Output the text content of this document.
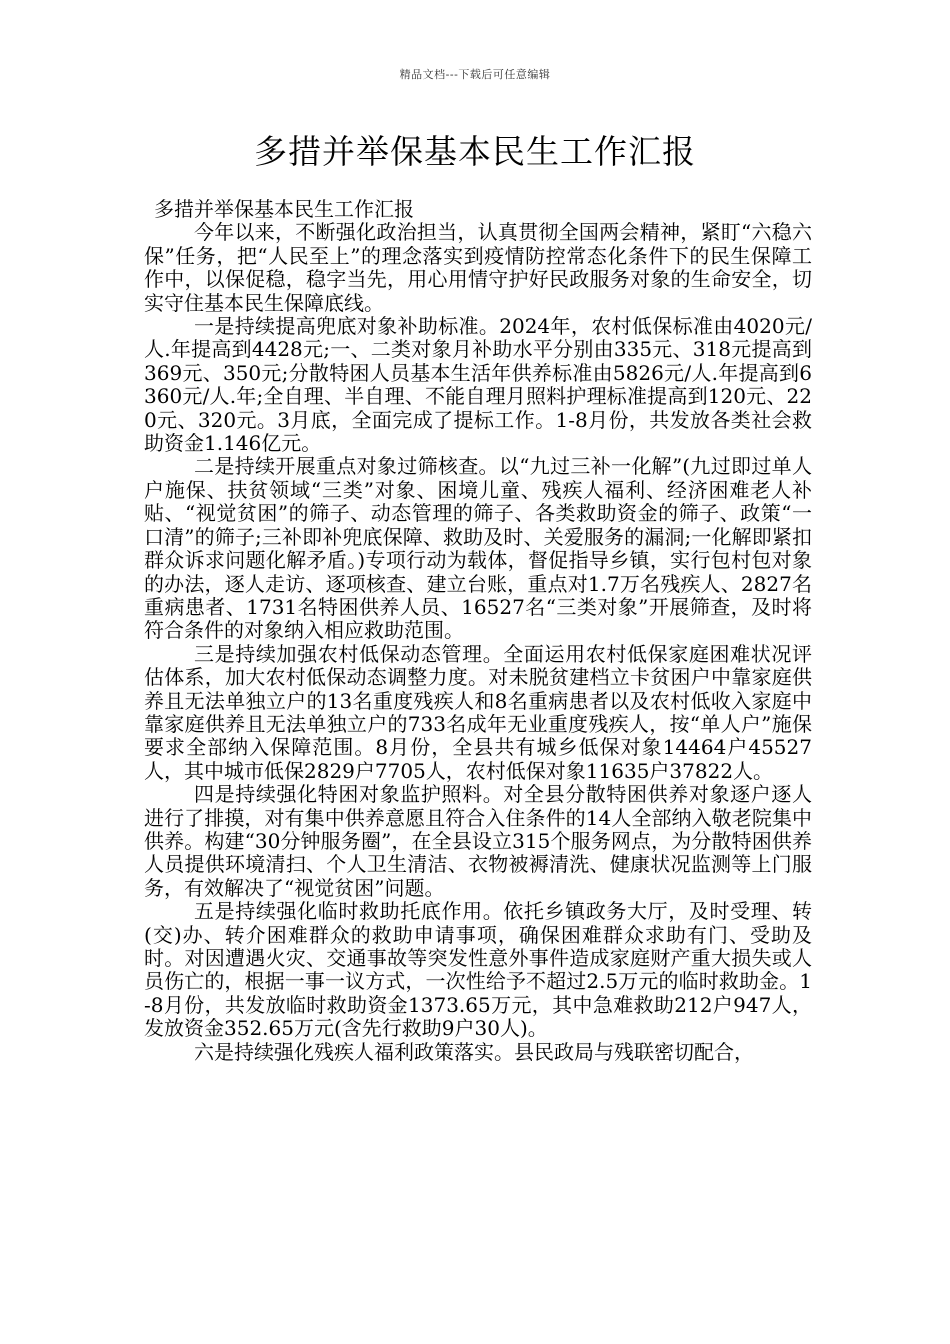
精品文档---下载后可任意编辑
多措并举保基本民生工作汇报

多措并举保基本民生工作汇报

今年以来，不断强化政治担当，认真贯彻全国两会精神，紧盯“六稳六保”任务，把“人民至上”的理念落实到疫情防控常态化条件下的民生保障工作中，以保促稳，稳字当先，用心用情守护好民政服务对象的生命安全，切实守住基本民生保障底线。

一是持续提高兜底对象补助标准。2024年，农村低保标准由4020元/人.年提高到4428元;一、二类对象月补助水平分别由335元、318元提高到369元、350元;分散特困人员基本生活年供养标准由5826元/人.年提高到6360元/人.年;全自理、半自理、不能自理月照料护理标准提高到120元、220元、320元。3月底，全面完成了提标工作。1-8月份，共发放各类社会救助资金1.146亿元。

二是持续开展重点对象过筛核查。以“九过三补一化解”(九过即过单人户施保、扶贫领域“三类”对象、困境儿童、残疾人福利、经济困难老人补贴、“视觉贫困”的筛子、动态管理的筛子、各类救助资金的筛子、政策“一口清”的筛子;三补即补兜底保障、救助及时、关爱服务的漏洞;一化解即紧扣群众诉求问题化解矛盾。)专项行动为载体，督促指导乡镇，实行包村包对象的办法，逐人走访、逐项核查、建立台账，重点对1.7万名残疾人、2827名重病患者、1731名特困供养人员、16527名“三类对象”开展筛查，及时将符合条件的对象纳入相应救助范围。

三是持续加强农村低保动态管理。全面运用农村低保家庭困难状况评估体系，加大农村低保动态调整力度。对未脱贫建档立卡贫困户中靠家庭供养且无法单独立户的13名重度残疾人和8名重病患者以及农村低收入家庭中靠家庭供养且无法单独立户的733名成年无业重度残疾人，按“单人户”施保要求全部纳入保障范围。8月份，全县共有城乡低保对象14464户45527人，其中城市低保2829户7705人，农村低保对象11635户37822人。

四是持续强化特困对象监护照料。对全县分散特困供养对象逐户逐人进行了排摸，对有集中供养意愿且符合入住条件的14人全部纳入敬老院集中供养。构建“30分钟服务圈”，在全县设立315个服务网点，为分散特困供养人员提供环境清扫、个人卫生清洁、衣物被褥清洗、健康状况监测等上门服务，有效解决了“视觉贫困”问题。

五是持续强化临时救助托底作用。依托乡镇政务大厅，及时受理、转(交)办、转介困难群众的救助申请事项，确保困难群众求助有门、受助及时。对因遭遇火灾、交通事故等突发性意外事件造成家庭财产重大损失或人员伤亡的，根据一事一议方式，一次性给予不超过2.5万元的临时救助金。1-8月份，共发放临时救助资金1373.65万元，其中急难救助212户947人，发放资金352.65万元(含先行救助9户30人)。

六是持续强化残疾人福利政策落实。县民政局与残联密切配合，
